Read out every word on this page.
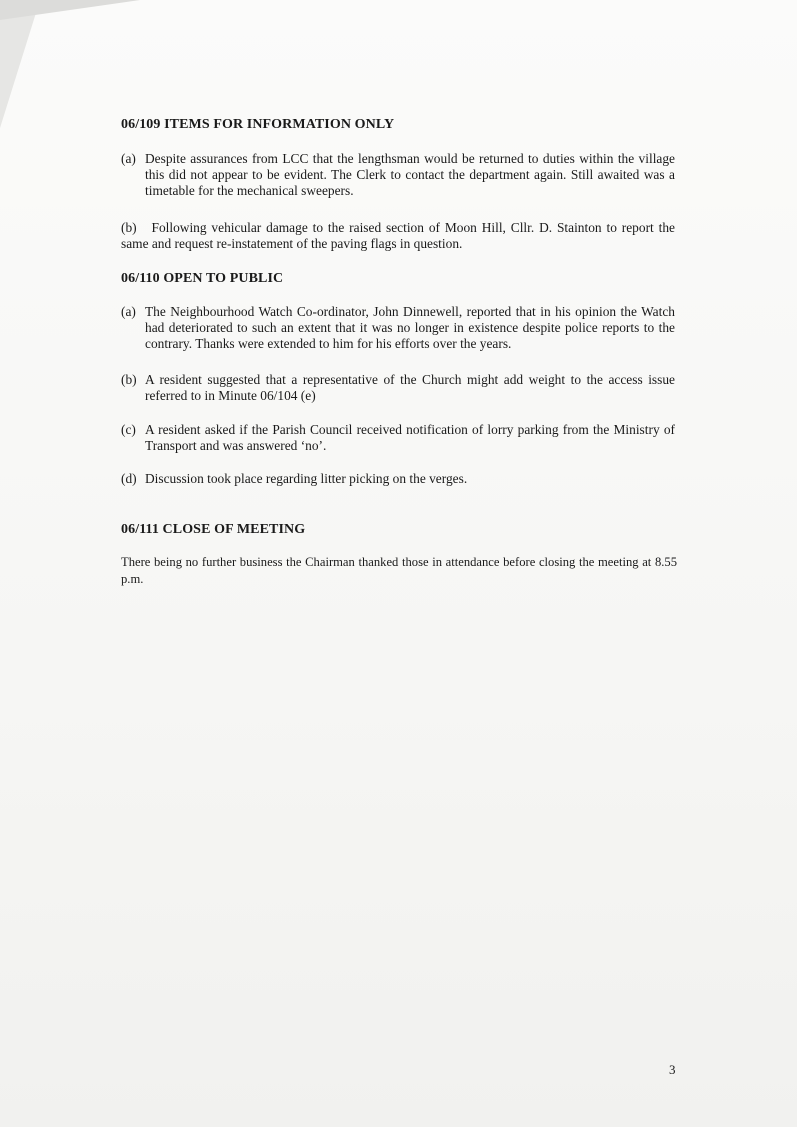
06/109 ITEMS FOR INFORMATION ONLY
(a) Despite assurances from LCC that the lengthsman would be returned to duties within the village this did not appear to be evident. The Clerk to contact the department again. Still awaited was a timetable for the mechanical sweepers.
(b) Following vehicular damage to the raised section of Moon Hill, Cllr. D. Stainton to report the same and request re-instatement of the paving flags in question.
06/110 OPEN TO PUBLIC
(a) The Neighbourhood Watch Co-ordinator, John Dinnewell, reported that in his opinion the Watch had deteriorated to such an extent that it was no longer in existence despite police reports to the contrary. Thanks were extended to him for his efforts over the years.
(b) A resident suggested that a representative of the Church might add weight to the access issue referred to in Minute 06/104 (e)
(c) A resident asked if the Parish Council received notification of lorry parking from the Ministry of Transport and was answered ‘no’.
(d) Discussion took place regarding litter picking on the verges.
06/111 CLOSE OF MEETING
There being no further business the Chairman thanked those in attendance before closing the meeting at 8.55 p.m.
3
